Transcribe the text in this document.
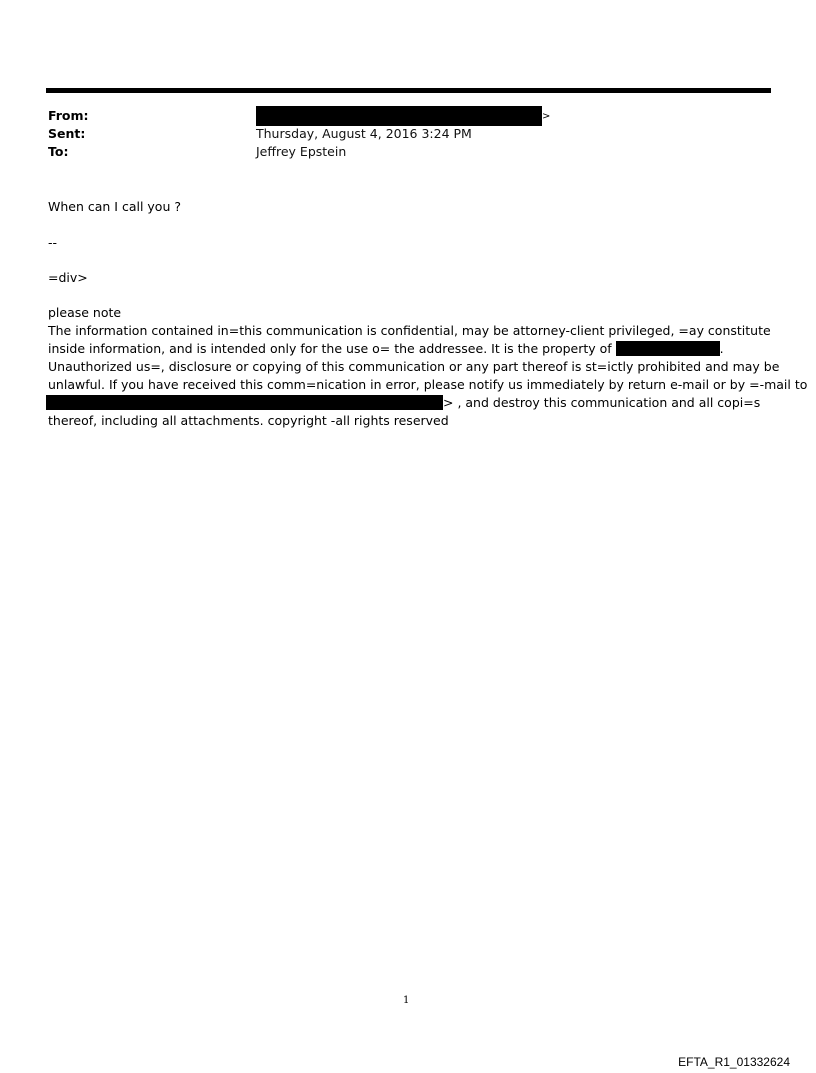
From:	>
Sent:	Thursday, August 4, 2016 3:24 PM
To:	Jeffrey Epstein
When can I call you ?
--
=div>
please note
The information contained in=this communication is confidential, may be attorney-client privileged, =ay constitute
inside information, and is intended only for the use o= the addressee. It is the property of	.
Unauthorized us=, disclosure or copying of this communication or any part thereof is st=ictly prohibited and may be
unlawful. If you have received this comm=nication in error, please notify us immediately by return e-mail or by =-mail to
> , and destroy this communication and all copi=s
thereof, including all attachments. copyright -all rights reserved
1
EFTA_R1_01332624
